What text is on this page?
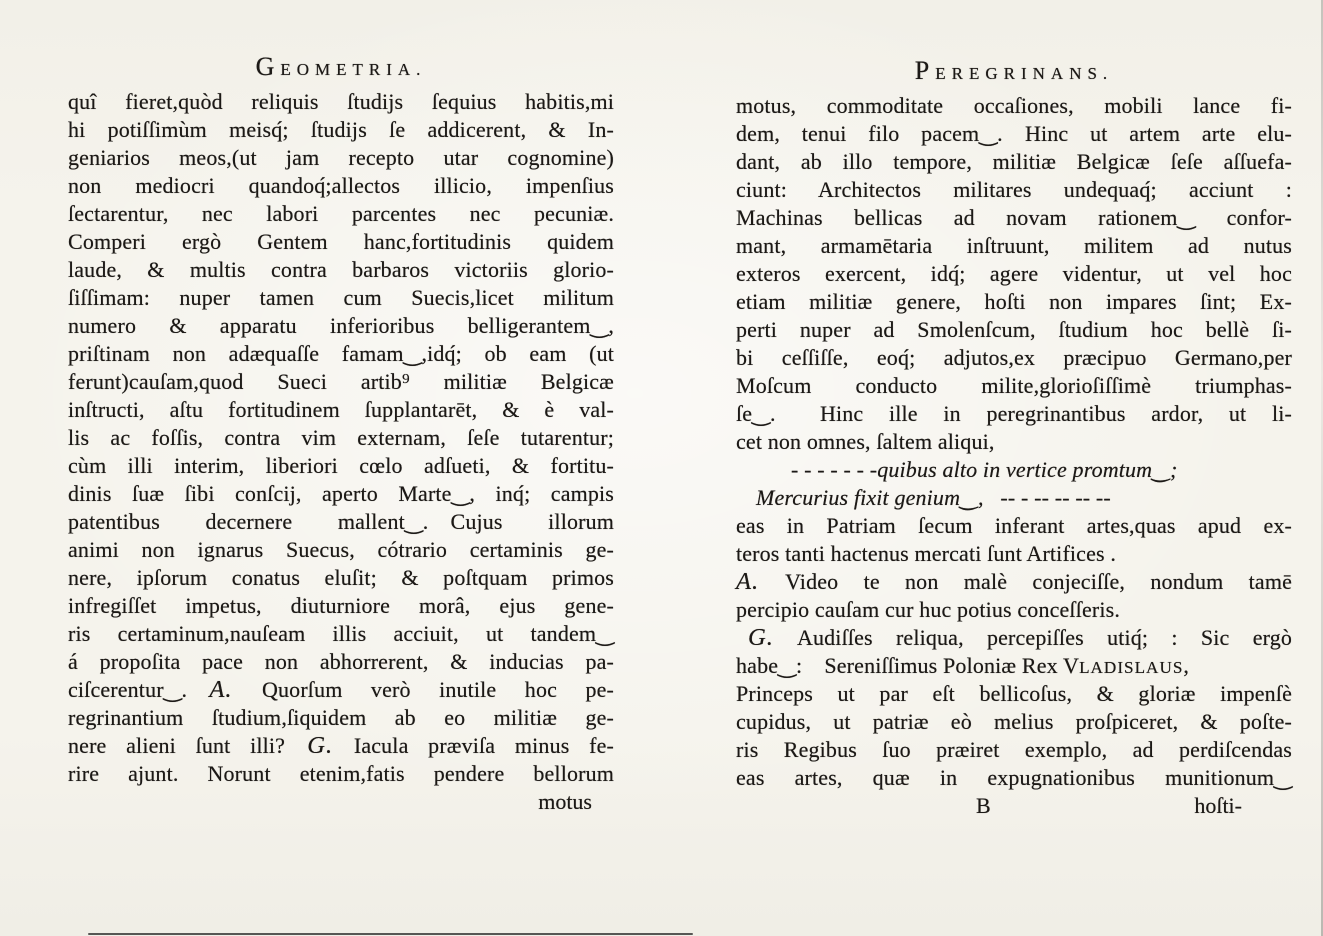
GEOMETRIA.
quî fieret,quòd reliquis ſtudijs ſequius habitis,mi
hi potiſſimùm meisq́; ſtudijs ſe addicerent, & In-
geniarios meos,(ut jam recepto utar cognomine)
non mediocri quandoq́;allectos illicio, impenſius
ſectarentur, nec labori parcentes nec pecuniæ.
Comperi ergò Gentem hanc,fortitudinis quidem
laude, & multis contra barbaros victoriis glorio-
ſiſſimam: nuper tamen cum Suecis,licet militum
numero & apparatu inferioribus belligerantem‿,
priſtinam non adæquaſſe famam‿,idq́; ob eam (ut
ferunt)cauſam,quod Sueci artib⁹ militiæ Belgicæ
inſtructi, aſtu fortitudinem ſupplantarēt, & è val-
lis ac foſſis, contra vim externam, ſeſe tutarentur;
cùm illi interim, liberiori cœlo adſueti, & fortitu-
dinis ſuæ ſibi conſcij, aperto Marte‿, inq́; campis
patentibus decernere mallent‿. Cujus illorum
animi non ignarus Suecus, cótrario certaminis ge-
nere, ipſorum conatus eluſit; & poſtquam primos
infregiſſet impetus, diuturniore morâ, ejus gene-
ris certaminum,nauſeam illis acciuit, ut tandem‿
á propoſita pace non abhorrerent, & inducias pa-
ciſcerentur‿. A. Quorſum verò inutile hoc pe-
regrinantium ſtudium,ſiquidem ab eo militiæ ge-
nere alieni ſunt illi? G. Iacula præviſa minus fe-
rire ajunt. Norunt etenim,fatis pendere bellorum
motus
PEREGRINANS.
motus, commoditate occaſiones, mobili lance fi-
dem, tenui filo pacem‿. Hinc ut artem arte elu-
dant, ab illo tempore, militiæ Belgicæ ſeſe aſſuefa-
ciunt: Architectos militares undequaq́; acciunt :
Machinas bellicas ad novam rationem‿ confor-
mant, armamētaria inſtruunt, militem ad nutus
exteros exercent, idq́; agere videntur, ut vel hoc
etiam militiæ genere, hoſti non impares ſint; Ex-
perti nuper ad Smolenſcum, ſtudium hoc bellè ſi-
bi ceſſiſſe, eoq́; adjutos,ex præcipuo Germano,per
Moſcum conducto milite,glorioſiſſimè triumphas-
ſe‿.  Hinc ille in peregrinantibus ardor, ut li-
cet non omnes, ſaltem aliqui,
- - - - - - -quibus alto in vertice promtum‿;
Mercurius fixit genium‿,  -- - -- -- -- --
eas in Patriam ſecum inferant artes,quas apud ex-
teros tanti hactenus mercati ſunt Artifices .
A. Video te non malè conjeciſſe, nondum tamē
percipio cauſam cur huc potius conceſſeris.
G. Audiſſes reliqua, percepiſſes utiq́; : Sic ergò
habe‿: Sereniſſimus Poloniæ Rex VLADISLAUS,
Princeps ut par eſt bellicoſus, & gloriæ impenſè
cupidus, ut patriæ eò melius proſpiceret, & poſte-
ris Regibus ſuo præiret exemplo, ad perdiſcendas
eas artes, quæ in expugnationibus munitionum‿
B	hoſti-
